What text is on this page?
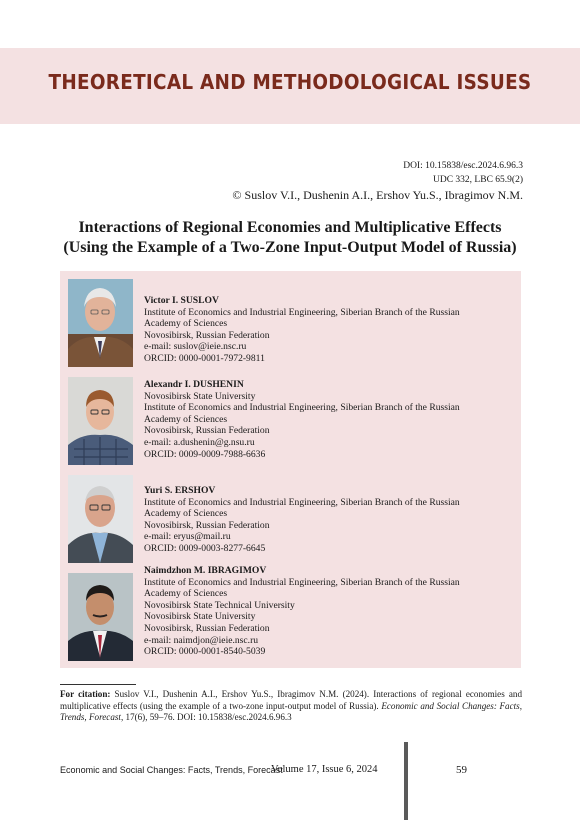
THEORETICAL AND METHODOLOGICAL ISSUES
DOI: 10.15838/esc.2024.6.96.3
UDC 332, LBC 65.9(2)
© Suslov V.I., Dushenin A.I., Ershov Yu.S., Ibragimov N.M.
Interactions of Regional Economies and Multiplicative Effects
(Using the Example of a Two-Zone Input-Output Model of Russia)
Victor I. SUSLOV
Institute of Economics and Industrial Engineering, Siberian Branch of the Russian
Academy of Sciences
Novosibirsk, Russian Federation
e-mail: suslov@ieie.nsc.ru
ORCID: 0000-0001-7972-9811
Alexandr I. DUSHENIN
Novosibirsk State University
Institute of Economics and Industrial Engineering, Siberian Branch of the Russian
Academy of Sciences
Novosibirsk, Russian Federation
e-mail: a.dushenin@g.nsu.ru
ORCID: 0009-0009-7988-6636
Yuri S. ERSHOV
Institute of Economics and Industrial Engineering, Siberian Branch of the Russian
Academy of Sciences
Novosibirsk, Russian Federation
e-mail: eryus@mail.ru
ORCID: 0009-0003-8277-6645
Naimdzhon M. IBRAGIMOV
Institute of Economics and Industrial Engineering, Siberian Branch of the Russian
Academy of Sciences
Novosibirsk State Technical University
Novosibirsk State University
Novosibirsk, Russian Federation
e-mail: naimdjon@ieie.nsc.ru
ORCID: 0000-0001-8540-5039
For citation: Suslov V.I., Dushenin A.I., Ershov Yu.S., Ibragimov N.M. (2024). Interactions of regional economies and multiplicative effects (using the example of a two-zone input-output model of Russia). Economic and Social Changes: Facts, Trends, Forecast, 17(6), 59–76. DOI: 10.15838/esc.2024.6.96.3
Economic and Social Changes: Facts, Trends, Forecast
Volume 17, Issue 6, 2024	59
